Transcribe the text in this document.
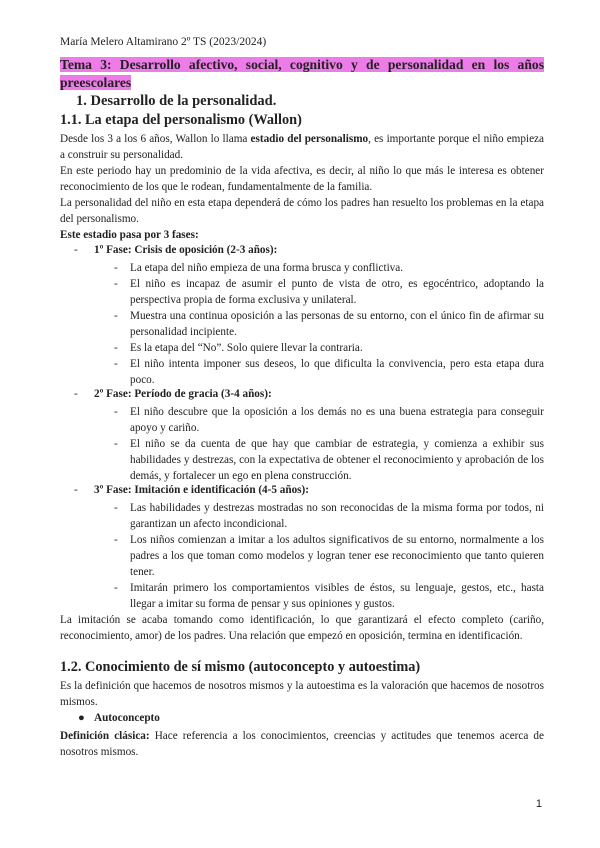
María Melero Altamirano 2º TS (2023/2024)
Tema 3: Desarrollo afectivo, social, cognitivo y de personalidad en los años preescolares
1. Desarrollo de la personalidad.
1.1. La etapa del personalismo (Wallon)

Desde los 3 a los 6 años, Wallon lo llama estadio del personalismo, es importante porque el niño empieza a construir su personalidad.

En este periodo hay un predominio de la vida afectiva, es decir, al niño lo que más le interesa es obtener reconocimiento de los que le rodean, fundamentalmente de la familia.

La personalidad del niño en esta etapa dependerá de cómo los padres han resuelto los problemas en la etapa del personalismo.

Este estadio pasa por 3 fases:

- 1º Fase: Crisis de oposición (2-3 años):

- La etapa del niño empieza de una forma brusca y conflictiva.

- El niño es incapaz de asumir el punto de vista de otro, es egocéntrico, adoptando la perspectiva propia de forma exclusiva y unilateral.

- Muestra una continua oposición a las personas de su entorno, con el único fin de afirmar su personalidad incipiente.

- Es la etapa del “No”. Solo quiere llevar la contraria.

- El niño intenta imponer sus deseos, lo que dificulta la convivencia, pero esta etapa dura poco.

- 2º Fase: Período de gracia (3-4 años):

- El niño descubre que la oposición a los demás no es una buena estrategia para conseguir apoyo y cariño.

- El niño se da cuenta de que hay que cambiar de estrategia, y comienza a exhibir sus habilidades y destrezas, con la expectativa de obtener el reconocimiento y aprobación de los demás, y fortalecer un ego en plena construcción.

- 3º Fase: Imitación e identificación (4-5 años):

- Las habilidades y destrezas mostradas no son reconocidas de la misma forma por todos, ni garantizan un afecto incondicional.

- Los niños comienzan a imitar a los adultos significativos de su entorno, normalmente a los padres a los que toman como modelos y logran tener ese reconocimiento que tanto quieren tener.

- Imitarán primero los comportamientos visibles de éstos, su lenguaje, gestos, etc., hasta llegar a imitar su forma de pensar y sus opiniones y gustos.

La imitación se acaba tomando como identificación, lo que garantizará el efecto completo (cariño, reconocimiento, amor) de los padres. Una relación que empezó en oposición, termina en identificación.

1.2. Conocimiento de sí mismo (autoconcepto y autoestima)

Es la definición que hacemos de nosotros mismos y la autoestima es la valoración que hacemos de nosotros mismos.

● Autoconcepto

Definición clásica: Hace referencia a los conocimientos, creencias y actitudes que tenemos acerca de nosotros mismos.

1
